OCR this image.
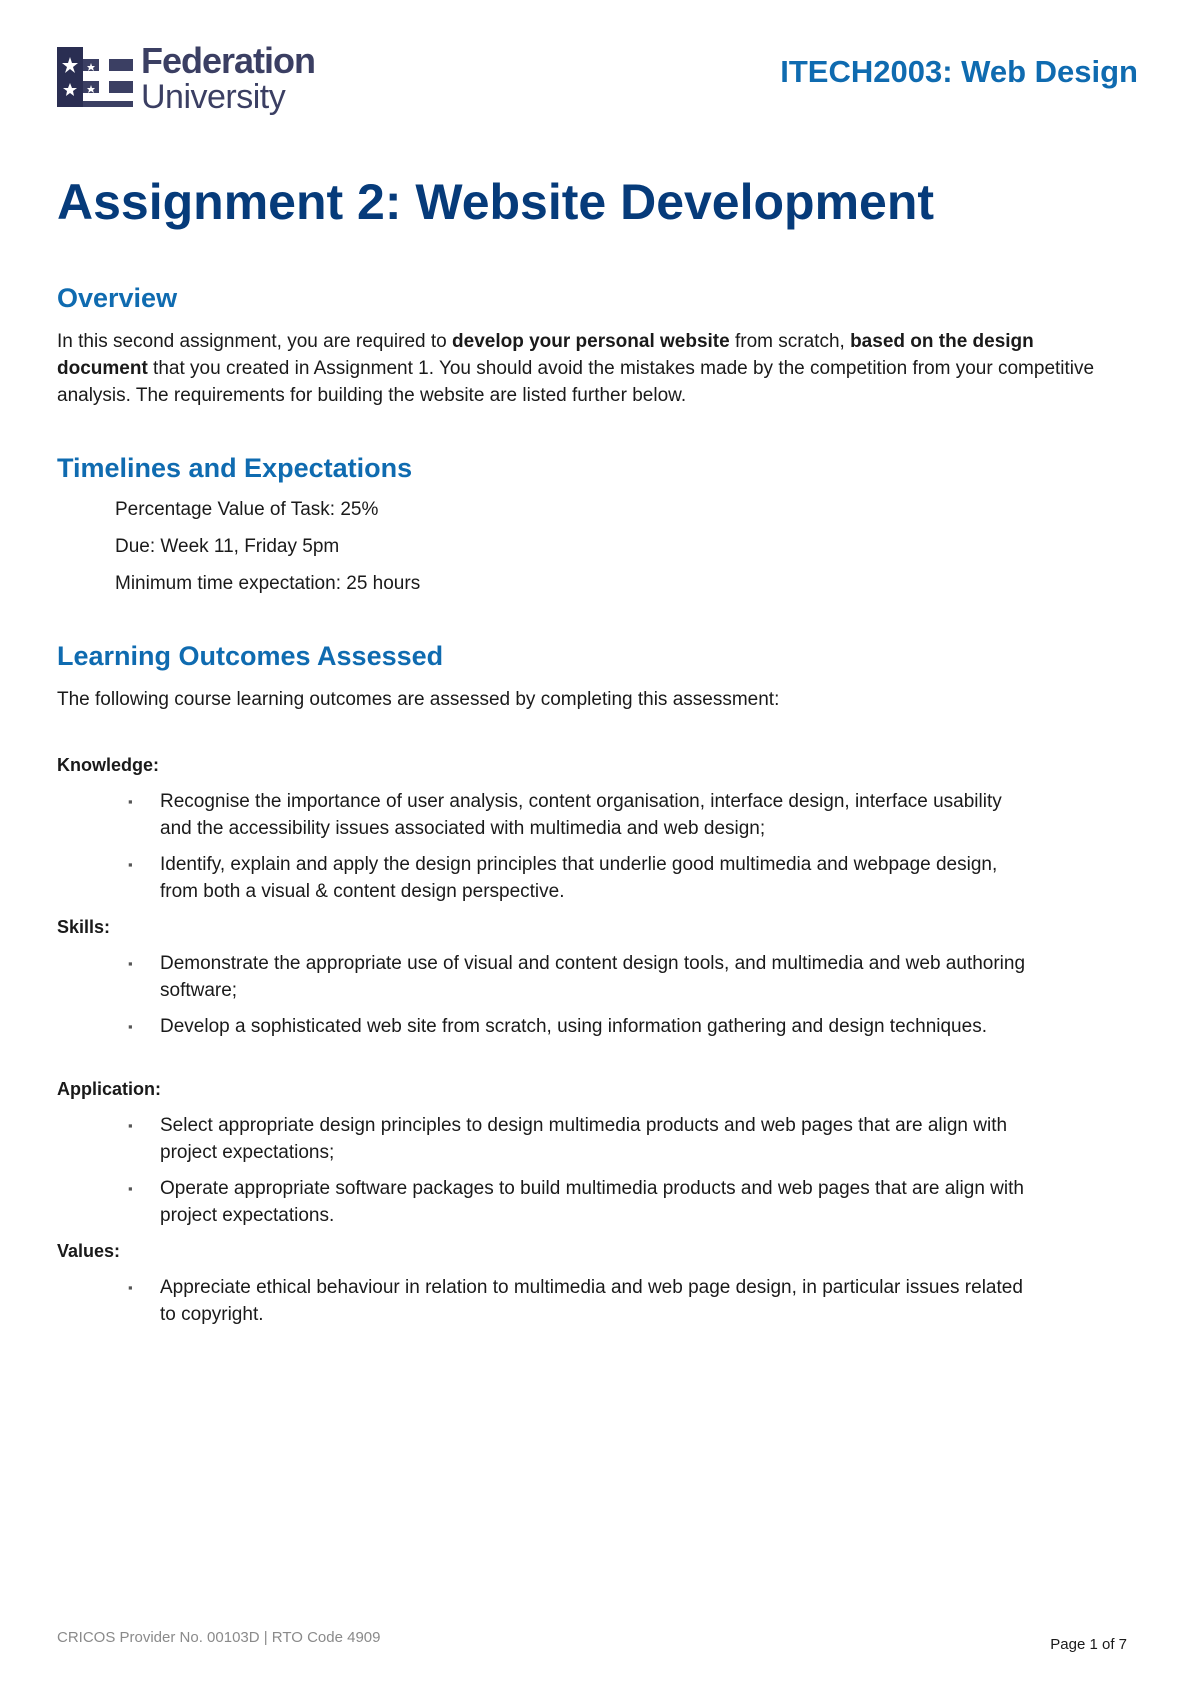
Federation
University
ITECH2003: Web Design
Assignment 2: Website Development
Overview

In this second assignment, you are required to develop your personal website from scratch, based on the design document that you created in Assignment 1. You should avoid the mistakes made by the competition from your competitive analysis. The requirements for building the website are listed further below.

Timelines and Expectations

Percentage Value of Task: 25%

Due: Week 11, Friday 5pm

Minimum time expectation: 25 hours

Learning Outcomes Assessed

The following course learning outcomes are assessed by completing this assessment:

Knowledge:

▪	Recognise the importance of user analysis, content organisation, interface design, interface usability and the accessibility issues associated with multimedia and web design;
▪	Identify, explain and apply the design principles that underlie good multimedia and webpage design, from both a visual & content design perspective.

Skills:

▪	Demonstrate the appropriate use of visual and content design tools, and multimedia and web authoring software;
▪	Develop a sophisticated web site from scratch, using information gathering and design techniques.

Application:

▪	Select appropriate design principles to design multimedia products and web pages that are align with project expectations;
▪	Operate appropriate software packages to build multimedia products and web pages that are align with project expectations.

Values:

▪	Appreciate ethical behaviour in relation to multimedia and web page design, in particular issues related to copyright.
CRICOS Provider No. 00103D | RTO Code 4909	Page 1 of 7
